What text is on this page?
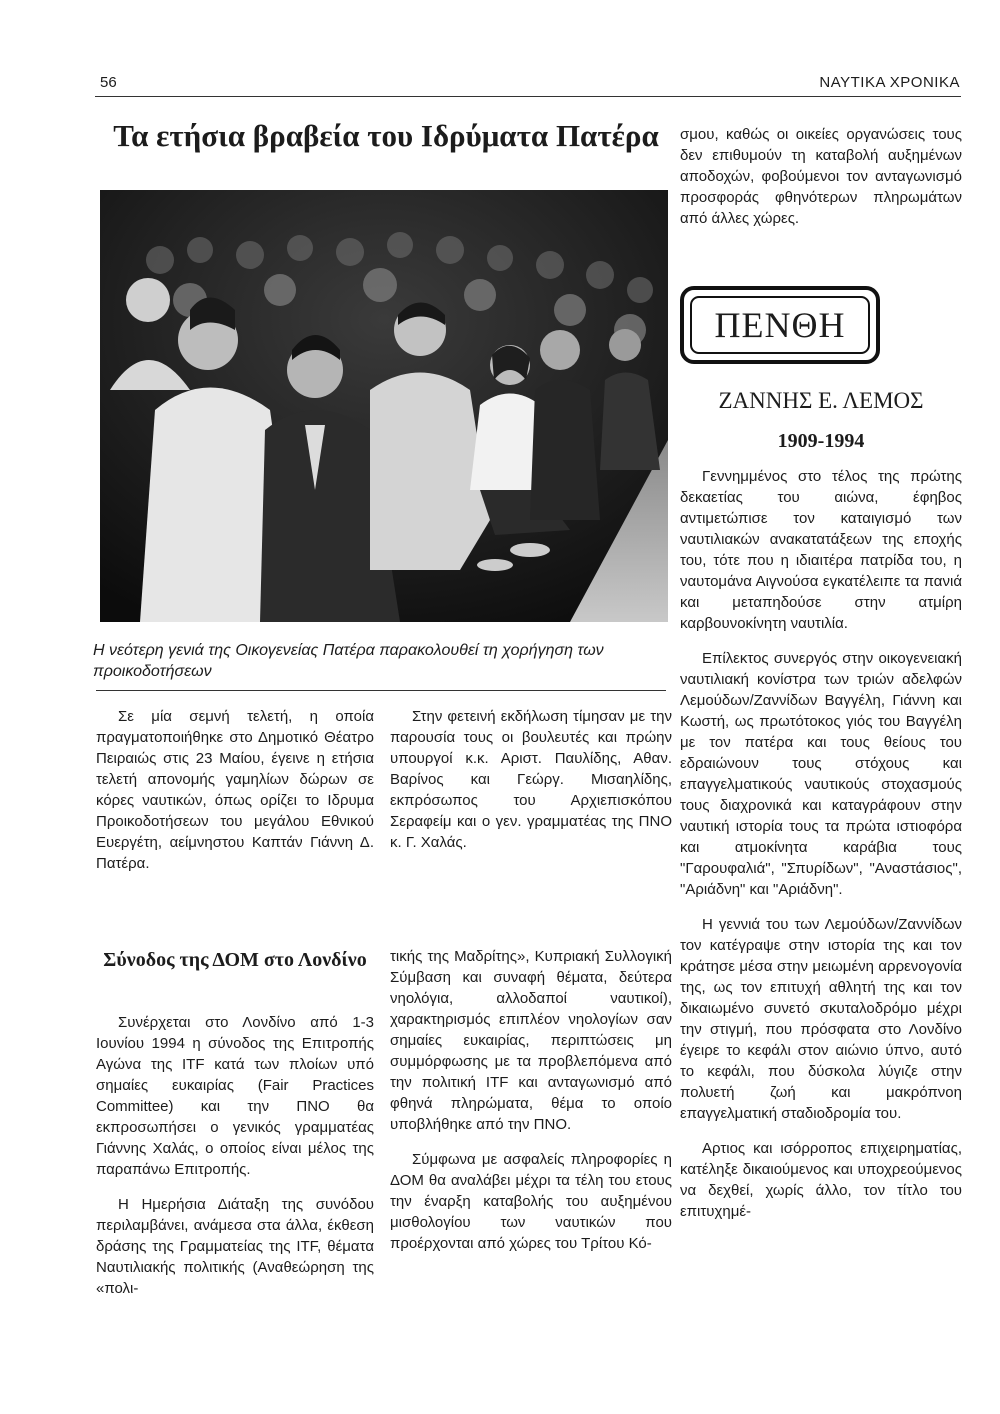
56	ΝΑΥΤΙΚΑ ΧΡΟΝΙΚΑ
Τα ετήσια βραβεία του Ιδρύματα Πατέρα
Η νεότερη γενιά της Οικογενείας Πατέρα παρακολουθεί τη χορήγηση των προικοδοτήσεων

Σε μία σεμνή τελετή, η οποία πραγματοποιήθηκε στο Δημοτικό Θέατρο Πειραιώς στις 23 Μαίου, έγεινε η ετήσια τελετή απονομής γαμηλίων δώρων σε κόρες ναυτικών, όπως ορίζει το Ιδρυμα Προικοδοτήσεων του μεγάλου Εθνικού Ευεργέτη, αείμνηστου Καπτάν Γιάννη Δ. Πατέρα.

Στην φετεινή εκδήλωση τίμησαν με την παρουσία τους οι βουλευτές και πρώην υπουργοί κ.κ. Αριστ. Παυλίδης, Αθαν. Βαρίνος και Γεώργ. Μισαηλίδης, εκπρόσωπος του Αρχιεπισκόπου Σεραφείμ και ο γεν. γραμματέας της ΠΝΟ κ. Γ. Χαλάς.

Σύνοδος της ΔΟΜ στο Λονδίνο

Συνέρχεται στο Λονδίνο από 1-3 Ιουνίου 1994 η σύνοδος της Επιτροπής Αγώνα της ITF κατά των πλοίων υπό σημαίες ευκαιρίας (Fair Practices Committee) και την ΠΝΟ θα εκπροσωπήσει ο γενικός γραμματέας Γιάννης Χαλάς, ο οποίος είναι μέλος της παραπάνω Επιτροπής.

Η Ημερήσια Διάταξη της συνόδου περιλαμβάνει, ανάμεσα στα άλλα, έκθεση δράσης της Γραμματείας της ITF, θέματα Ναυτιλιακής πολιτικής (Αναθεώρηση της «πολι-

τικής της Μαδρίτης», Κυπριακή Συλλογική Σύμβαση και συναφή θέματα, δεύτερα νηολόγια, αλλοδαποί ναυτικοί), χαρακτηρισμός επιπλέον νηολογίων σαν σημαίες ευκαιρίας, περιπτώσεις μη συμμόρφωσης με τα προβλεπόμενα από την πολιτική ITF και ανταγωνισμό από φθηνά πληρώματα, θέμα το οποίο υποβλήθηκε από την ΠΝΟ.

Σύμφωνα με ασφαλείς πληροφορίες η ΔΟΜ θα αναλάβει μέχρι τα τέλη του ετους την έναρξη καταβολής του αυξημένου μισθολογίου των ναυτικών που προέρχονται από χώρες του Τρίτου Κό-

σμου, καθώς οι οικείες οργανώσεις τους δεν επιθυμούν τη καταβολή αυξημένων αποδοχών, φοβούμενοι τον ανταγωνισμό προσφοράς φθηνότερων πληρωμάτων από άλλες χώρες.

ΠΕΝΘΗ
ΖΑΝΝΗΣ Ε. ΛΕΜΟΣ
1909-1994

Γεννημμένος στο τέλος της πρώτης δεκαετίας του αιώνα, έφηβος αντιμετώπισε τον καταιγισμό των ναυτιλιακών ανακατατάξεων της εποχής του, τότε που η ιδιαιτέρα πατρίδα του, η ναυτομάνα Αιγνούσα εγκατέλειπε τα πανιά και μεταπηδούσε στην ατμίρη καρβουνοκίνητη ναυτιλία.

Επίλεκτος συνεργός στην οικογενειακή ναυτιλιακή κονίστρα των τριών αδελφών Λεμούδων/Ζαννίδων Βαγγέλη, Γιάννη και Κωστή, ως πρωτότοκος γιός του Βαγγέλη με τον πατέρα και τους θείους του εδραιώνουν τους στόχους και επαγγελματικούς ναυτικούς στοχασμούς τους διαχρονικά και καταγράφουν στην ναυτική ιστορία τους τα πρώτα ιστιοφόρα και ατμοκίνητα καράβια τους "Γαρουφαλιά", "Σπυρίδων", "Αναστάσιος", "Αριάδνη" και "Αριάδνη".

Η γεννιά του των Λεμούδων/Ζαννίδων τον κατέγραψε στην ιστορία της και τον κράτησε μέσα στην μειωμένη αρρενογονία της, ως τον επιτυχή αθλητή της και τον δικαιωμένο συνετό σκυταλοδρόμο μέχρι την στιγμή, που πρόσφατα στο Λονδίνο έγειρε το κεφάλι στον αιώνιο ύπνο, αυτό το κεφάλι, που δύσκολα λύγιζε στην πολυετή ζωή και μακρόπνοη επαγγελματική σταδιοδρομία του.

Αρτιος και ισόρροπος επιχειρηματίας, κατέληξε δικαιούμενος και υποχρεούμενος να δεχθεί, χωρίς άλλο, τον τίτλο του επιτυχημέ-
